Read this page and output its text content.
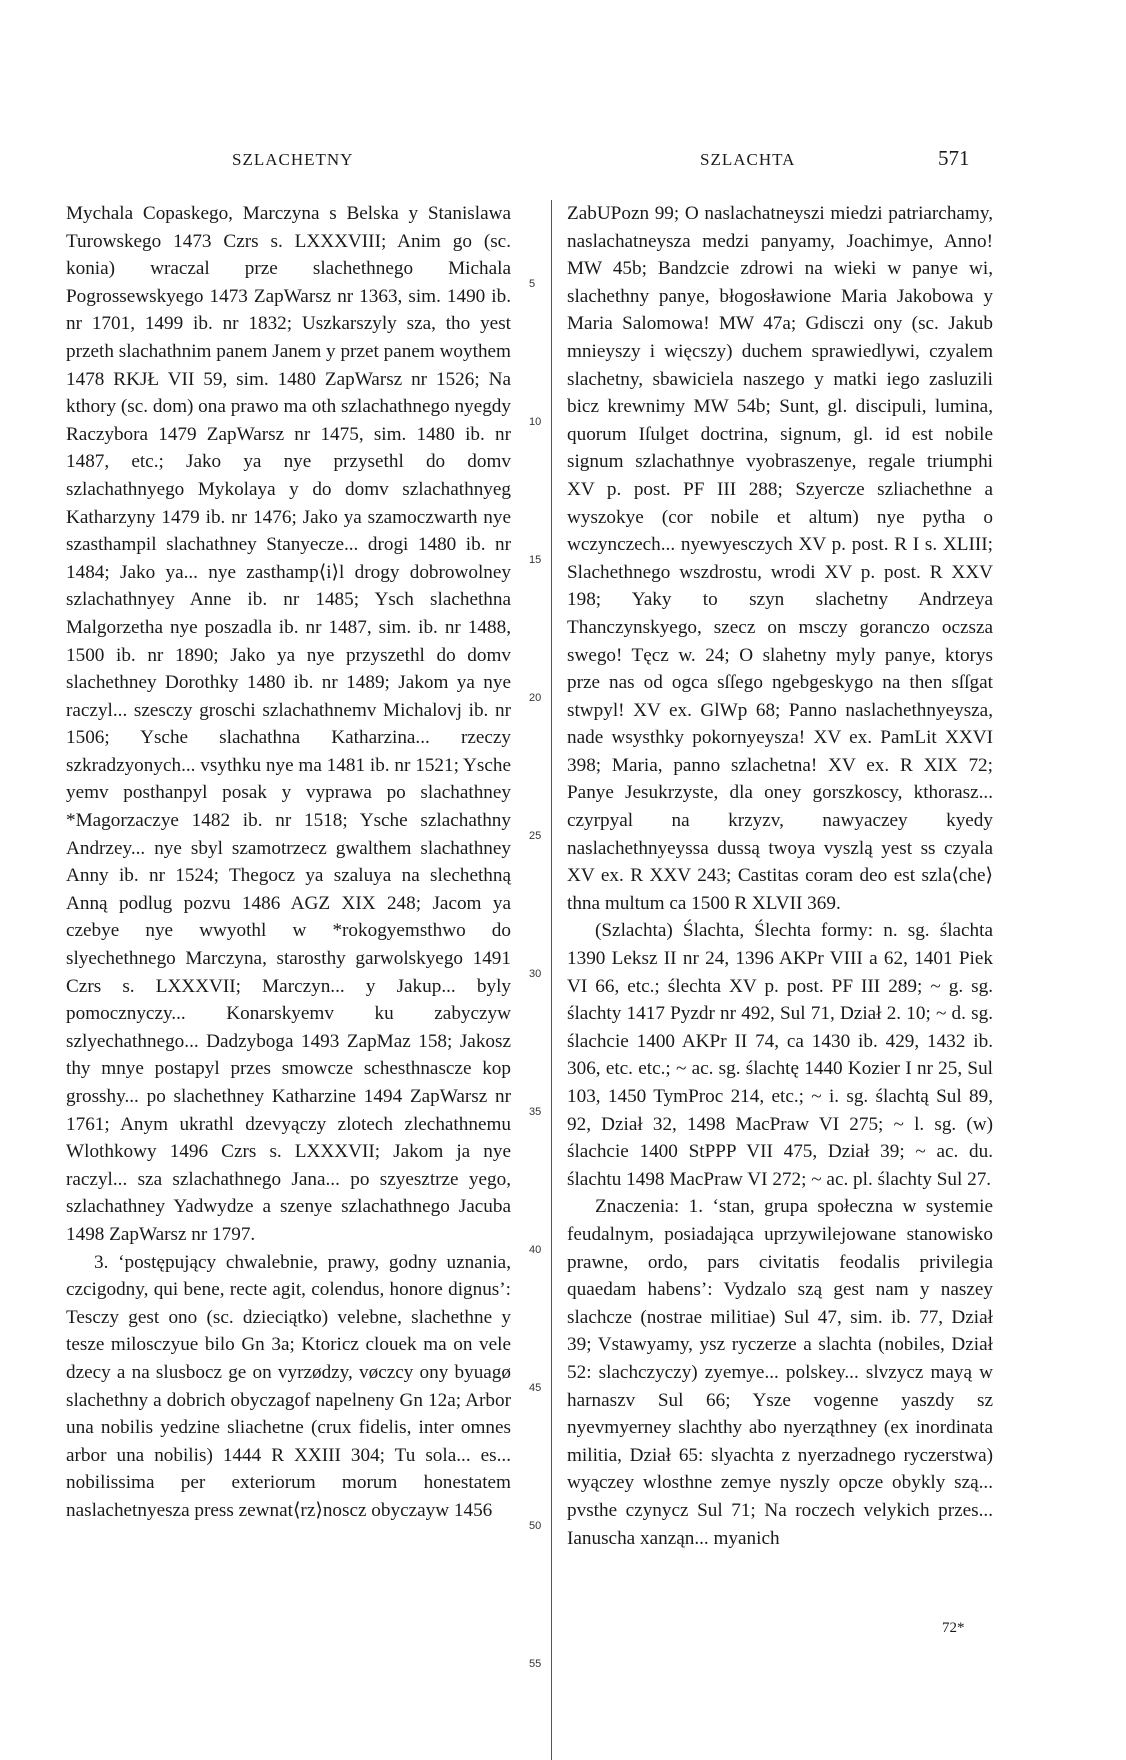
SZLACHETNY	SZLACHTA	571

Mychala Copaskego, Marczyna s Belska y Stanislawa Turowskego 1473 Czrs s. LXXXVIII; Anim go (sc. konia) wraczal prze slachethnego Michala Pogrossewskyego 1473 ZapWarsz nr 1363, sim. 1490 ib. nr 1701, 1499 ib. nr 1832; Uszkarszyly sza, tho yest przeth slachathnim panem Janem y przet panem woythem 1478 RKJŁ VII 59, sim. 1480 ZapWarsz nr 1526; Na kthory (sc. dom) ona prawo ma oth szlachathnego nyegdy Raczybora 1479 ZapWarsz nr 1475, sim. 1480 ib. nr 1487, etc.; Jako ya nye przysethl do domv szlachathnyego Mykolaya y do domv szlachathnyeg Katharzyny 1479 ib. nr 1476; Jako ya szamoczwarth nye szasthampil slachathney Stanyecze... drogi 1480 ib. nr 1484; Jako ya... nye zasthamp⟨i⟩l drogy dobrowolney szlachathnyey Anne ib. nr 1485; Ysch slachethna Malgorzetha nye poszadla ib. nr 1487, sim. ib. nr 1488, 1500 ib. nr 1890; Jako ya nye przyszethl do domv slachethney Dorothky 1480 ib. nr 1489; Jakom ya nye raczyl... szesczy groschi szlachathnemv Michalovj ib. nr 1506; Ysche slachathna Katharzina... rzeczy szkradzyonych... vsythku nye ma 1481 ib. nr 1521; Ysche yemv posthanpyl posak y vyprawa po slachathney *Magorzaczye 1482 ib. nr 1518; Ysche szlachathny Andrzey... nye sbyl szamotrzecz gwalthem slachathney Anny ib. nr 1524; Thegocz ya szaluya na slechethną Anną podlug pozvu 1486 AGZ XIX 248; Jacom ya czebye nye wwyothl w *rokogyemsthwo do slyechethnego Marczyna, starosthy garwolskyego 1491 Czrs s. LXXXVII; Marczyn... y Jakup... byly pomocznyczy... Konarskyemv ku zabyczyw szlyechathnego... Dadzyboga 1493 ZapMaz 158; Jakosz thy mnye postapyl przes smowcze schesthnascze kop grosshy... po slachethney Katharzine 1494 ZapWarsz nr 1761; Anym ukrathl dzevyączy zlotech zlechathnemu Wlothkowy 1496 Czrs s. LXXXVII; Jakom ja nye raczyl... sza szlachathnego Jana... po szyesztrze yego, szlachathney Yadwydze a szenye szlachathnego Jacuba 1498 ZapWarsz nr 1797.

3. ʻpostępujący chwalebnie, prawy, godny uznania, czcigodny, qui bene, recte agit, colendus, honore dignusʼ: Tesczy gest ono (sc. dzieciątko) velebne, slachethne y tesze milosczyue bilo Gn 3a; Ktoricz clouek ma on vele dzecy a na slusbocz ge on vyrzødzy, vøczcy ony byuagø slachethny a dobrich obyczagof napelneny Gn 12a; Arbor una nobilis yedzine sliachetne (crux fidelis, inter omnes arbor una nobilis) 1444 R XXIII 304; Tu sola... es... nobilissima per exteriorum morum honestatem naslachetnyesza press zewnat⟨rz⟩noscz obyczayw 1456

5
10
15
20
25
30
35
40
45
50
55

ZabUPozn 99; O naslachatneyszi miedzi patriarchamy, naslachatneysza medzi panyamy, Joachimye, Anno! MW 45b; Bandzcie zdrowi na wieki w panye wi, slachethny panye, błogosławione Maria Jakobowa y Maria Salomowa! MW 47a; Gdisczi ony (sc. Jakub mnieyszy i więcszy) duchem sprawiedlywi, czyalem slachetny, sbawiciela naszego y matki iego zasluzili bicz krewnimy MW 54b; Sunt, gl. discipuli, lumina, quorum Iſulget doctrina, signum, gl. id est nobile signum szlachathnye vyobraszenye, regale triumphi XV p. post. PF III 288; Szyercze szliachethne a wyszokye (cor nobile et altum) nye pytha o wczynczech... nyewyesczych XV p. post. R I s. XLIII; Slachethnego wszdrostu, wrodi XV p. post. R XXV 198; Yaky to szyn slachetny Andrzeya Thanczynskyego, szecz on msczy goranczo oczsza swego! Tęcz w. 24; O slahetny myly panye, ktorys prze nas od ogca sſſego ngebgeskygo na then sſſgat stwpyl! XV ex. GlWp 68; Panno naslachethnyeysza, nade wsysthky pokornyeysza! XV ex. PamLit XXVI 398; Maria, panno szlachetna! XV ex. R XIX 72; Panye Jesukrzyste, dla oney gorszkoscy, kthorasz... czyrpyal na krzyzv, nawyaczey kyedy naslachethnyeyssa dussą twoya vyszlą yest ss czyala XV ex. R XXV 243; Castitas coram deo est szla⟨che⟩thna multum ca 1500 R XLVII 369.

(Szlachta) Ślachta, Ślechta formy: n. sg. ślachta 1390 Leksz II nr 24, 1396 AKPr VIII a 62, 1401 Piek VI 66, etc.; ślechta XV p. post. PF III 289; ~ g. sg. ślachty 1417 Pyzdr nr 492, Sul 71, Dział 2. 10; ~ d. sg. ślachcie 1400 AKPr II 74, ca 1430 ib. 429, 1432 ib. 306, etc. etc.; ~ ac. sg. ślachtę 1440 Kozier I nr 25, Sul 103, 1450 TymProc 214, etc.; ~ i. sg. ślachtą Sul 89, 92, Dział 32, 1498 MacPraw VI 275; ~ l. sg. (w) ślachcie 1400 StPPP VII 475, Dział 39; ~ ac. du. ślachtu 1498 MacPraw VI 272; ~ ac. pl. ślachty Sul 27.

Znaczenia: 1. ʻstan, grupa społeczna w systemie feudalnym, posiadająca uprzywilejowane stanowisko prawne, ordo, pars civitatis feodalis privilegia quaedam habensʼ: Vydzalo szą gest nam y naszey slachcze (nostrae militiae) Sul 47, sim. ib. 77, Dział 39; Vstawyamy, ysz ryczerze a slachta (nobiles, Dział 52: slachczyczy) zyemye... polskey... slvzycz mayą w harnaszv Sul 66; Ysze vogenne yaszdy sz nyevmyerney slachthy abo nyerząthney (ex inordinata militia, Dział 65: slyachta z nyerzadnego ryczerstwa) wyączey wlosthne zemye nyszly opcze obykly szą... pvsthe czynycz Sul 71; Na roczech velykich przes... Ianuscha xanząn... myanich

72*
